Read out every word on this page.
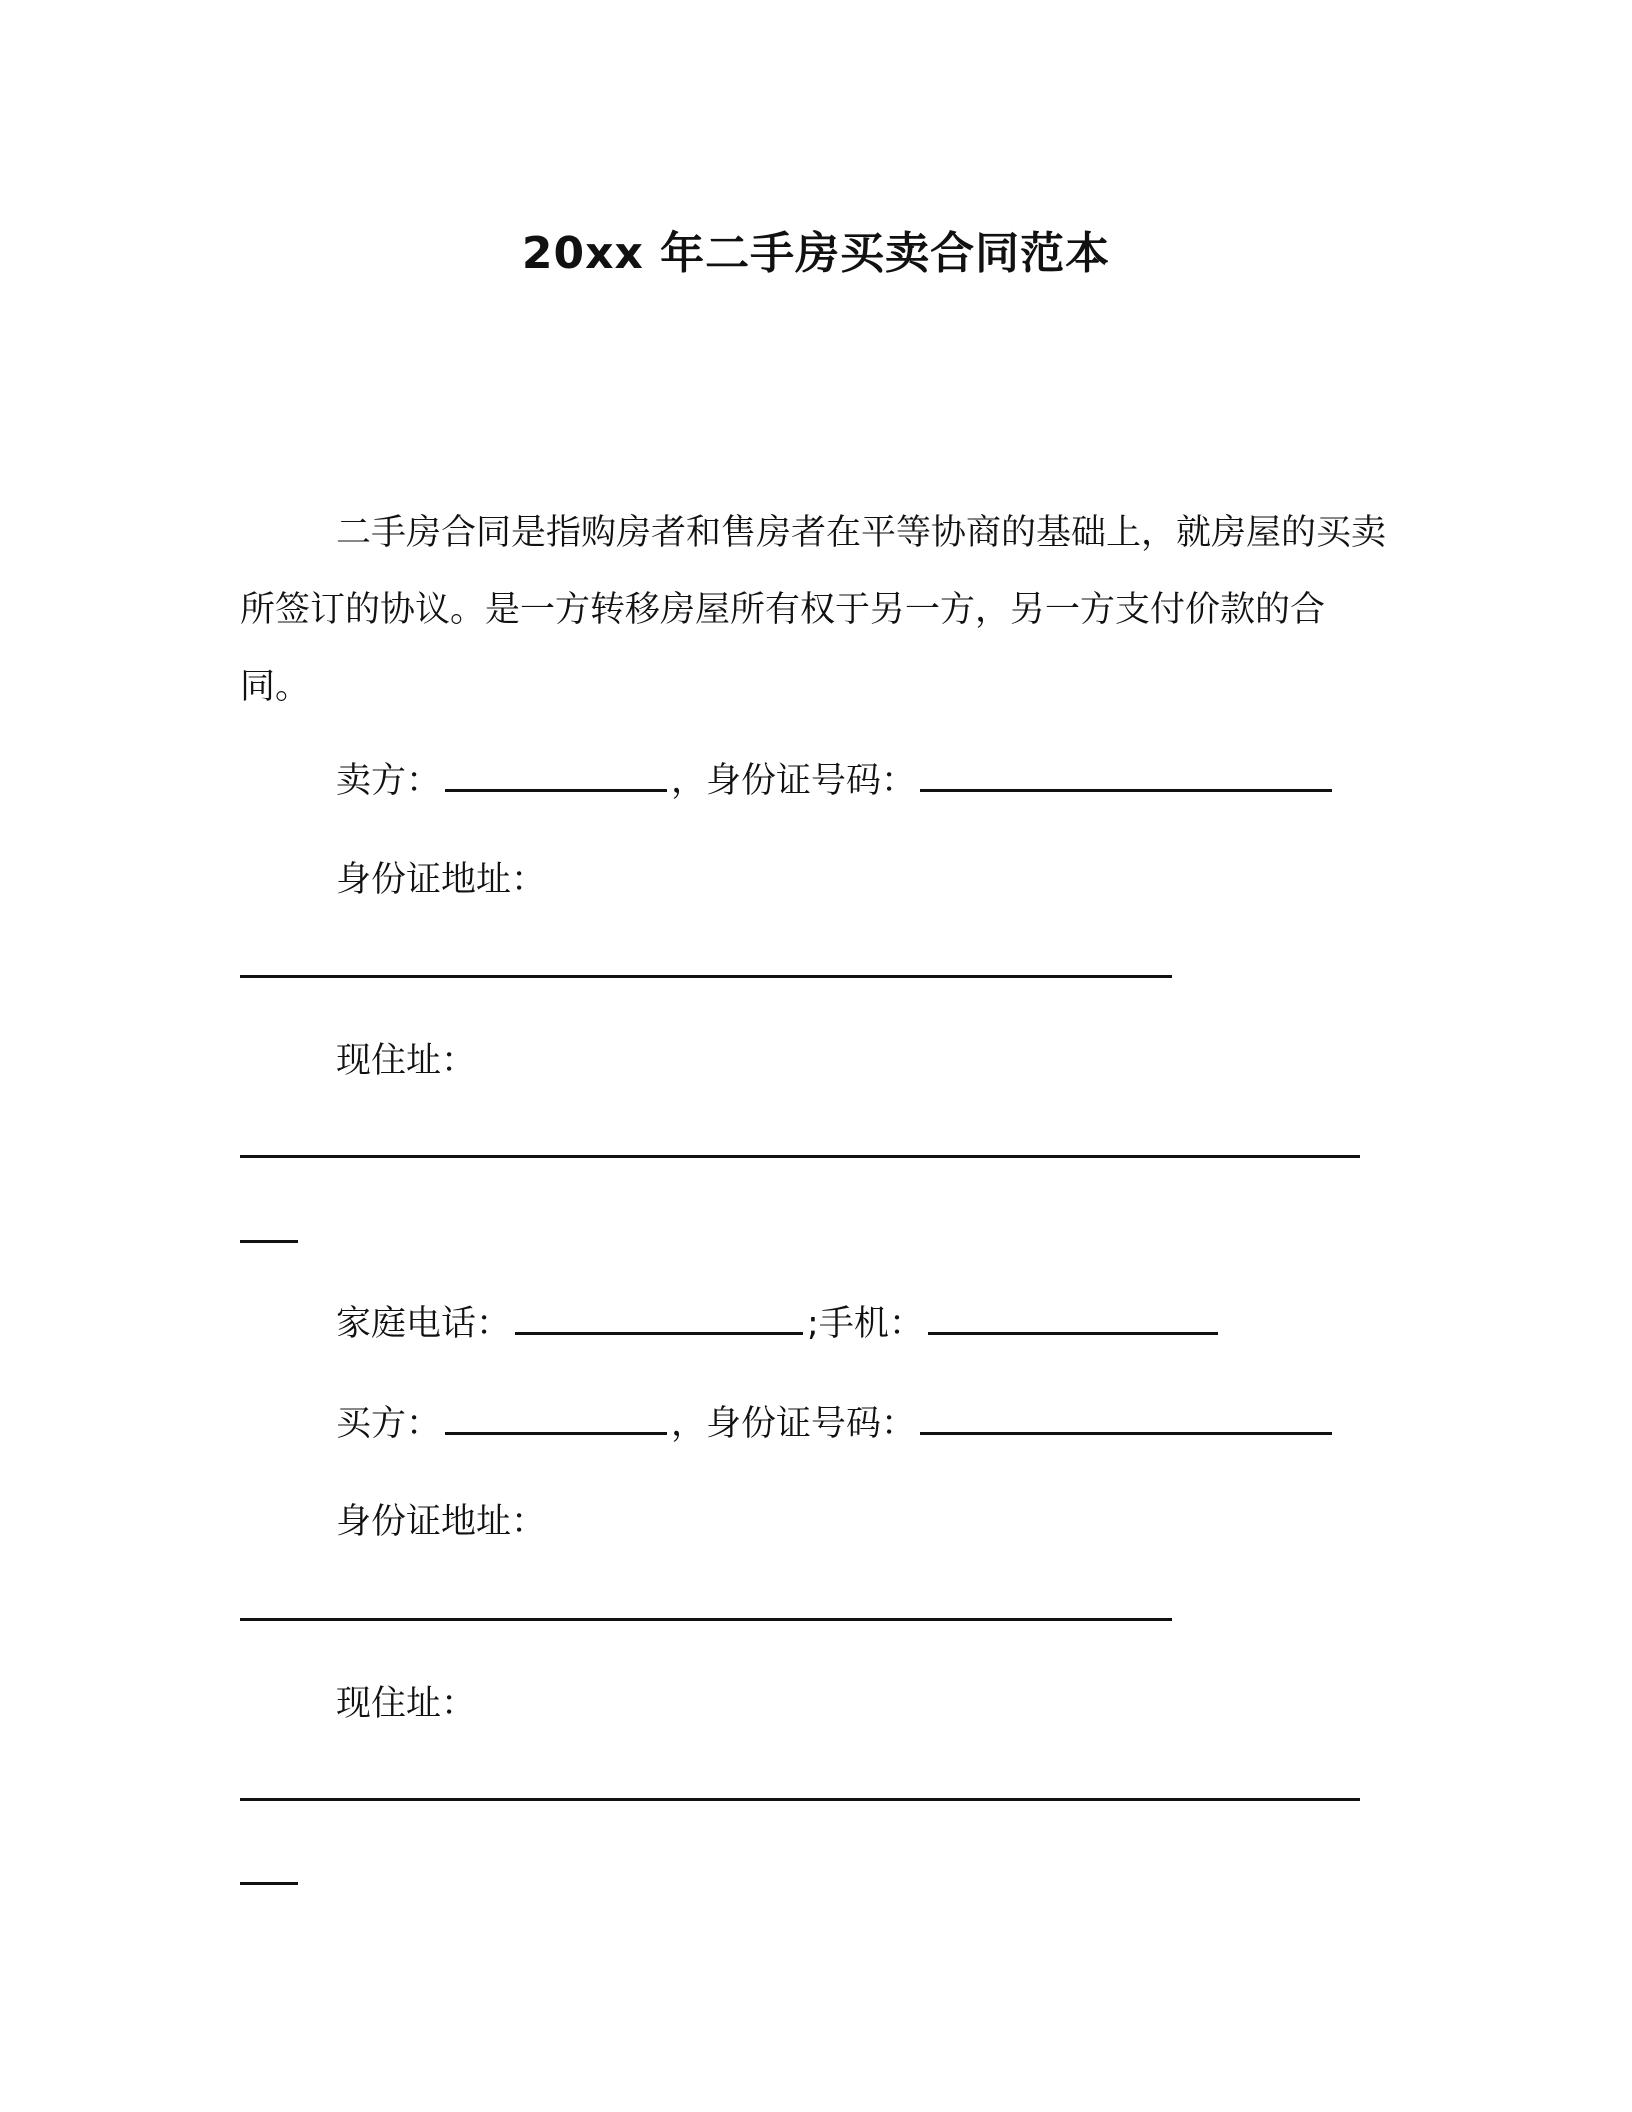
20xx 年二手房买卖合同范本
二手房合同是指购房者和售房者在平等协商的基础上，就房屋的买卖所签订的协议。是一方转移房屋所有权于另一方，另一方支付价款的合同。
卖方：	， 身份证号码：
身份证地址：
现住址：
家庭电话：	; 手机：
买方：	， 身份证号码：
身份证地址：
现住址：
